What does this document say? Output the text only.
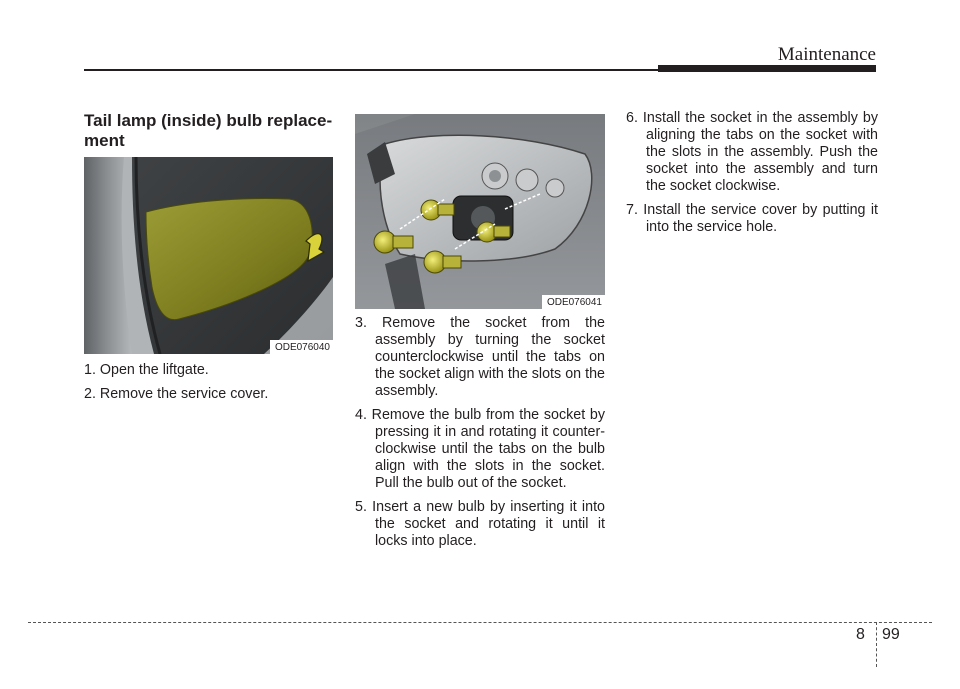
Maintenance
Tail lamp (inside) bulb replace-ment
ODE076040
ODE076041

1. Open the liftgate.

2. Remove the service cover.

3. Remove the socket from the assembly by turning the socket counterclockwise until the tabs on the socket align with the slots on the assembly.

4. Remove the bulb from the socket by pressing it in and rotating it counter-clockwise until the tabs on the bulb align with the slots in the socket. Pull the bulb out of the socket.

5. Insert a new bulb by inserting it into the socket and rotating it until it locks into place.

6. Install the socket in the assembly by aligning the tabs on the socket with the slots in the assembly. Push the socket into the assembly and turn the socket clockwise.

7. Install the service cover by putting it into the service hole.

8 99
